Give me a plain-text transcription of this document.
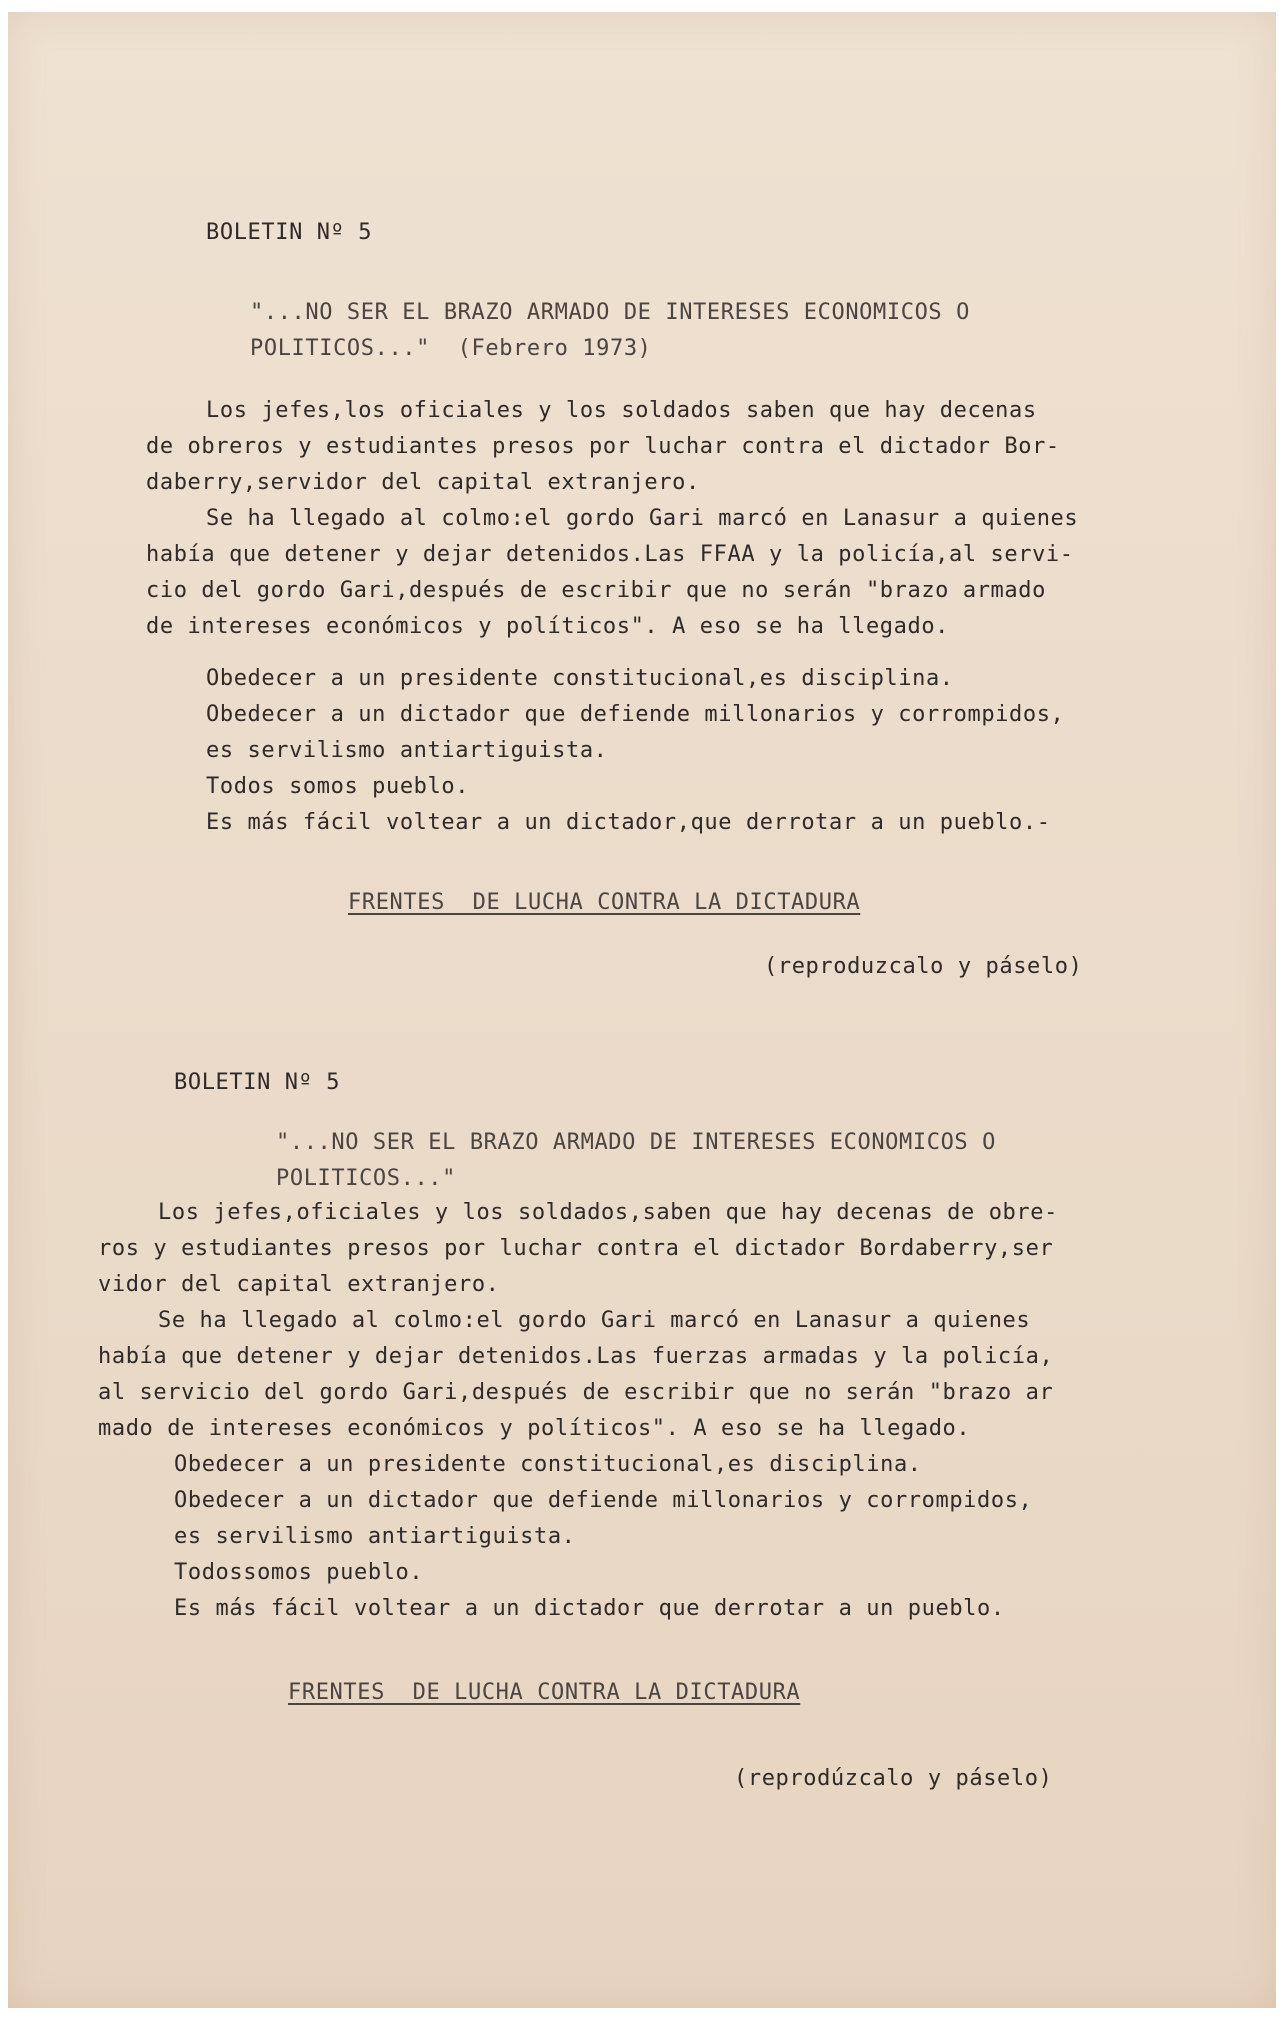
BOLETIN Nº 5
"...NO SER EL BRAZO ARMADO DE INTERESES ECONOMICOS O
POLITICOS..."  (Febrero 1973)
Los jefes,los oficiales y los soldados saben que hay decenas
de obreros y estudiantes presos por luchar contra el dictador Bor-
daberry,servidor del capital extranjero.
Se ha llegado al colmo:el gordo Gari marcó en Lanasur a quienes
había que detener y dejar detenidos.Las FFAA y la policía,al servi-
cio del gordo Gari,después de escribir que no serán "brazo armado
de intereses económicos y políticos". A eso se ha llegado.
Obedecer a un presidente constitucional,es disciplina.
Obedecer a un dictador que defiende millonarios y corrompidos,
es servilismo antiartiguista.
Todos somos pueblo.
Es más fácil voltear a un dictador,que derrotar a un pueblo.-
FRENTES  DE LUCHA CONTRA LA DICTADURA
(reproduzcalo y páselo)
BOLETIN Nº 5
"...NO SER EL BRAZO ARMADO DE INTERESES ECONOMICOS O
POLITICOS..."
Los jefes,oficiales y los soldados,saben que hay decenas de obre-
ros y estudiantes presos por luchar contra el dictador Bordaberry,ser
vidor del capital extranjero.
Se ha llegado al colmo:el gordo Gari marcó en Lanasur a quienes
había que detener y dejar detenidos.Las fuerzas armadas y la policía,
al servicio del gordo Gari,después de escribir que no serán "brazo ar
mado de intereses económicos y políticos". A eso se ha llegado.
Obedecer a un presidente constitucional,es disciplina.
Obedecer a un dictador que defiende millonarios y corrompidos,
es servilismo antiartiguista.
Todossomos pueblo.
Es más fácil voltear a un dictador que derrotar a un pueblo.
FRENTES  DE LUCHA CONTRA LA DICTADURA
(reprodúzcalo y páselo)
